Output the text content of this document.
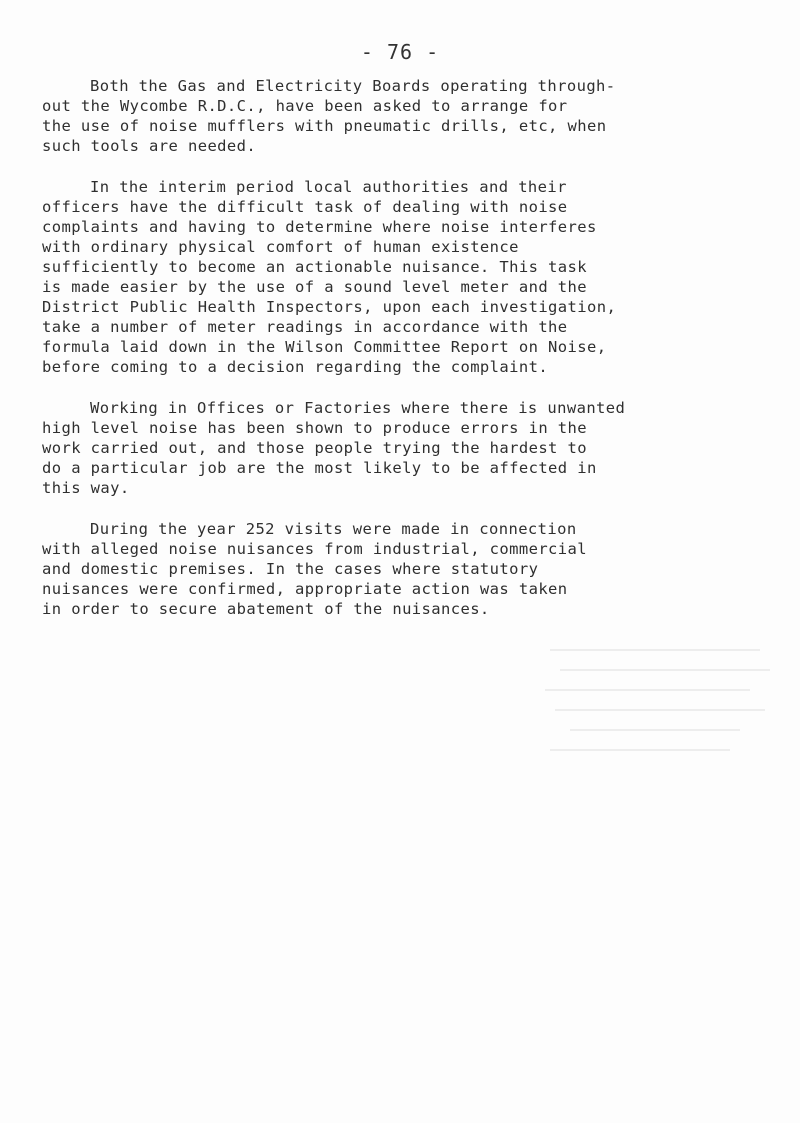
- 76 -
Both the Gas and Electricity Boards operating through-
out the Wycombe R.D.C., have been asked to arrange for
the use of noise mufflers with pneumatic drills, etc, when
such tools are needed.
In the interim period local authorities and their
officers have the difficult task of dealing with noise
complaints and having to determine where noise interferes
with ordinary physical comfort of human existence
sufficiently to become an actionable nuisance. This task
is made easier by the use of a sound level meter and the
District Public Health Inspectors, upon each investigation,
take a number of meter readings in accordance with the
formula laid down in the Wilson Committee Report on Noise,
before coming to a decision regarding the complaint.
Working in Offices or Factories where there is unwanted
high level noise has been shown to produce errors in the
work carried out, and those people trying the hardest to
do a particular job are the most likely to be affected in
this way.
During the year 252 visits were made in connection
with alleged noise nuisances from industrial, commercial
and domestic premises. In the cases where statutory
nuisances were confirmed, appropriate action was taken
in order to secure abatement of the nuisances.
